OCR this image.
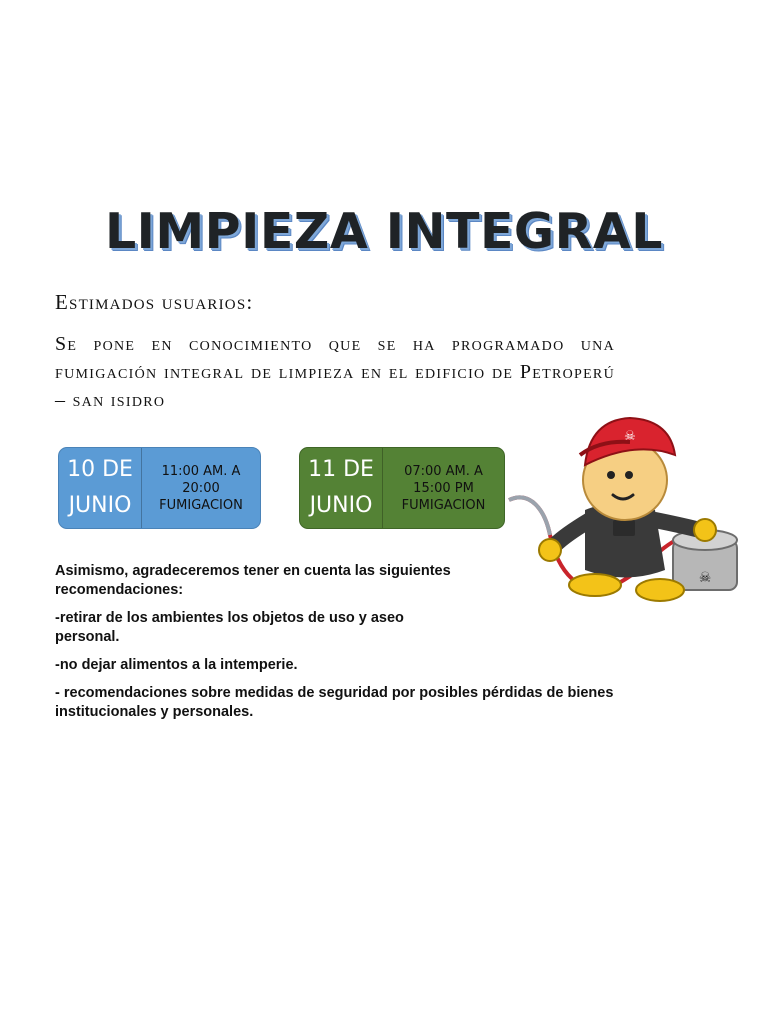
LIMPIEZA INTEGRAL

Estimados usuarios:

Se pone en conocimiento que se ha programado una fumigación integral de limpieza en el edificio de Petroperú – san isidro

10 DE
JUNIO
11:00 AM. A
20:00
FUMIGACION
11 DE
JUNIO
07:00 AM. A
15:00 PM
FUMIGACION
☠
☠

Asimismo, agradeceremos tener en cuenta las siguientes recomendaciones:

-retirar de los ambientes los objetos de uso y aseo personal.

-no dejar alimentos a la intemperie.

- recomendaciones sobre medidas de seguridad por posibles pérdidas de bienes institucionales y personales.
